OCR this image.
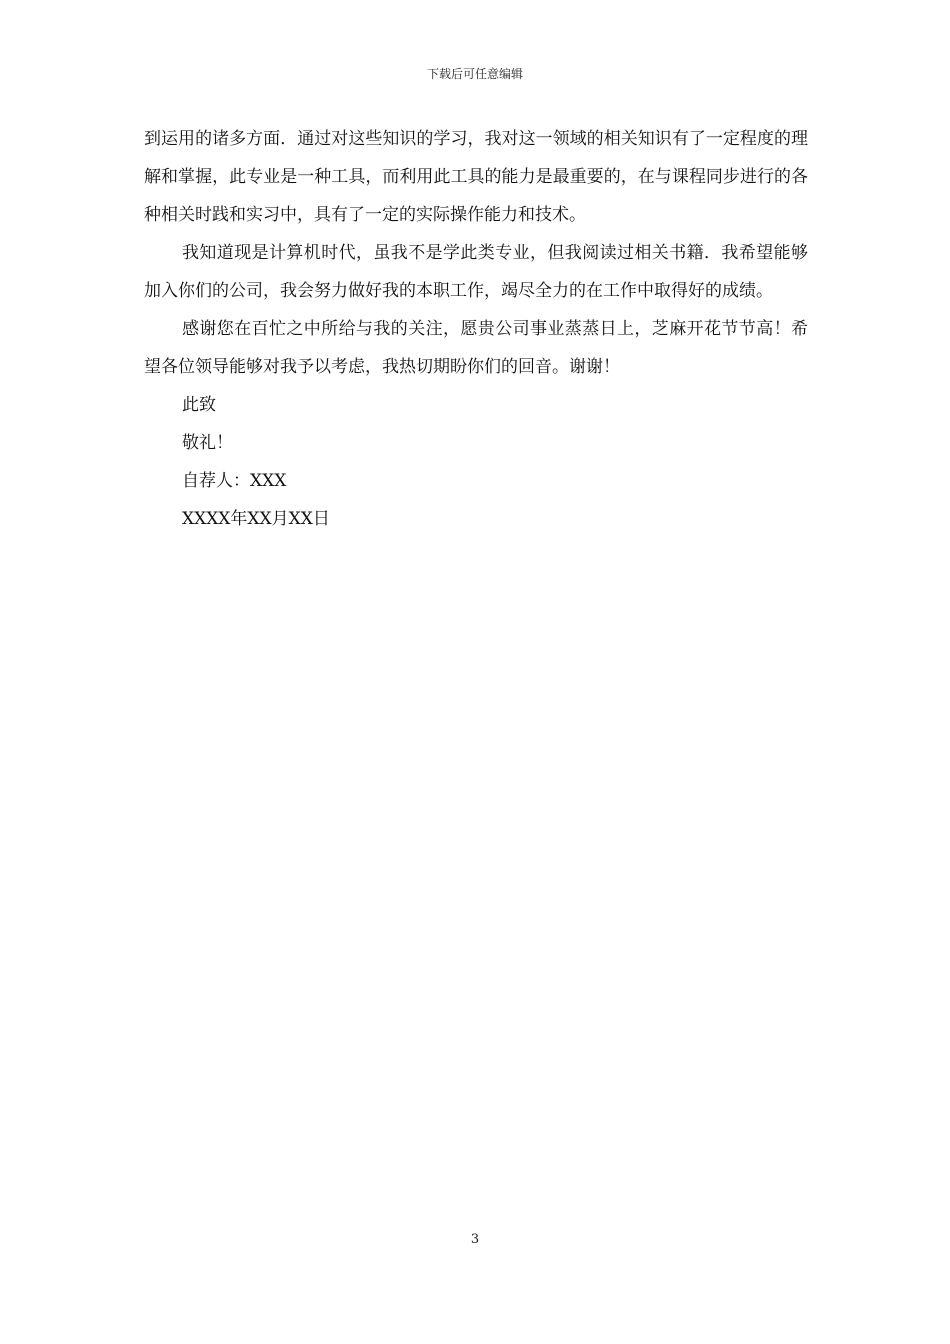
下载后可任意编辑

到运用的诸多方面．通过对这些知识的学习，我对这一领域的相关知识有了一定程度的理解和掌握，此专业是一种工具，而利用此工具的能力是最重要的，在与课程同步进行的各种相关时践和实习中，具有了一定的实际操作能力和技术。

我知道现是计算机时代，虽我不是学此类专业，但我阅读过相关书籍．我希望能够加入你们的公司，我会努力做好我的本职工作，竭尽全力的在工作中取得好的成绩。

感谢您在百忙之中所给与我的关注，愿贵公司事业蒸蒸日上，芝麻开花节节高！希望各位领导能够对我予以考虑，我热切期盼你们的回音。谢谢！

此致

敬礼！

自荐人：XXX

XXXX年XX月XX日

3
